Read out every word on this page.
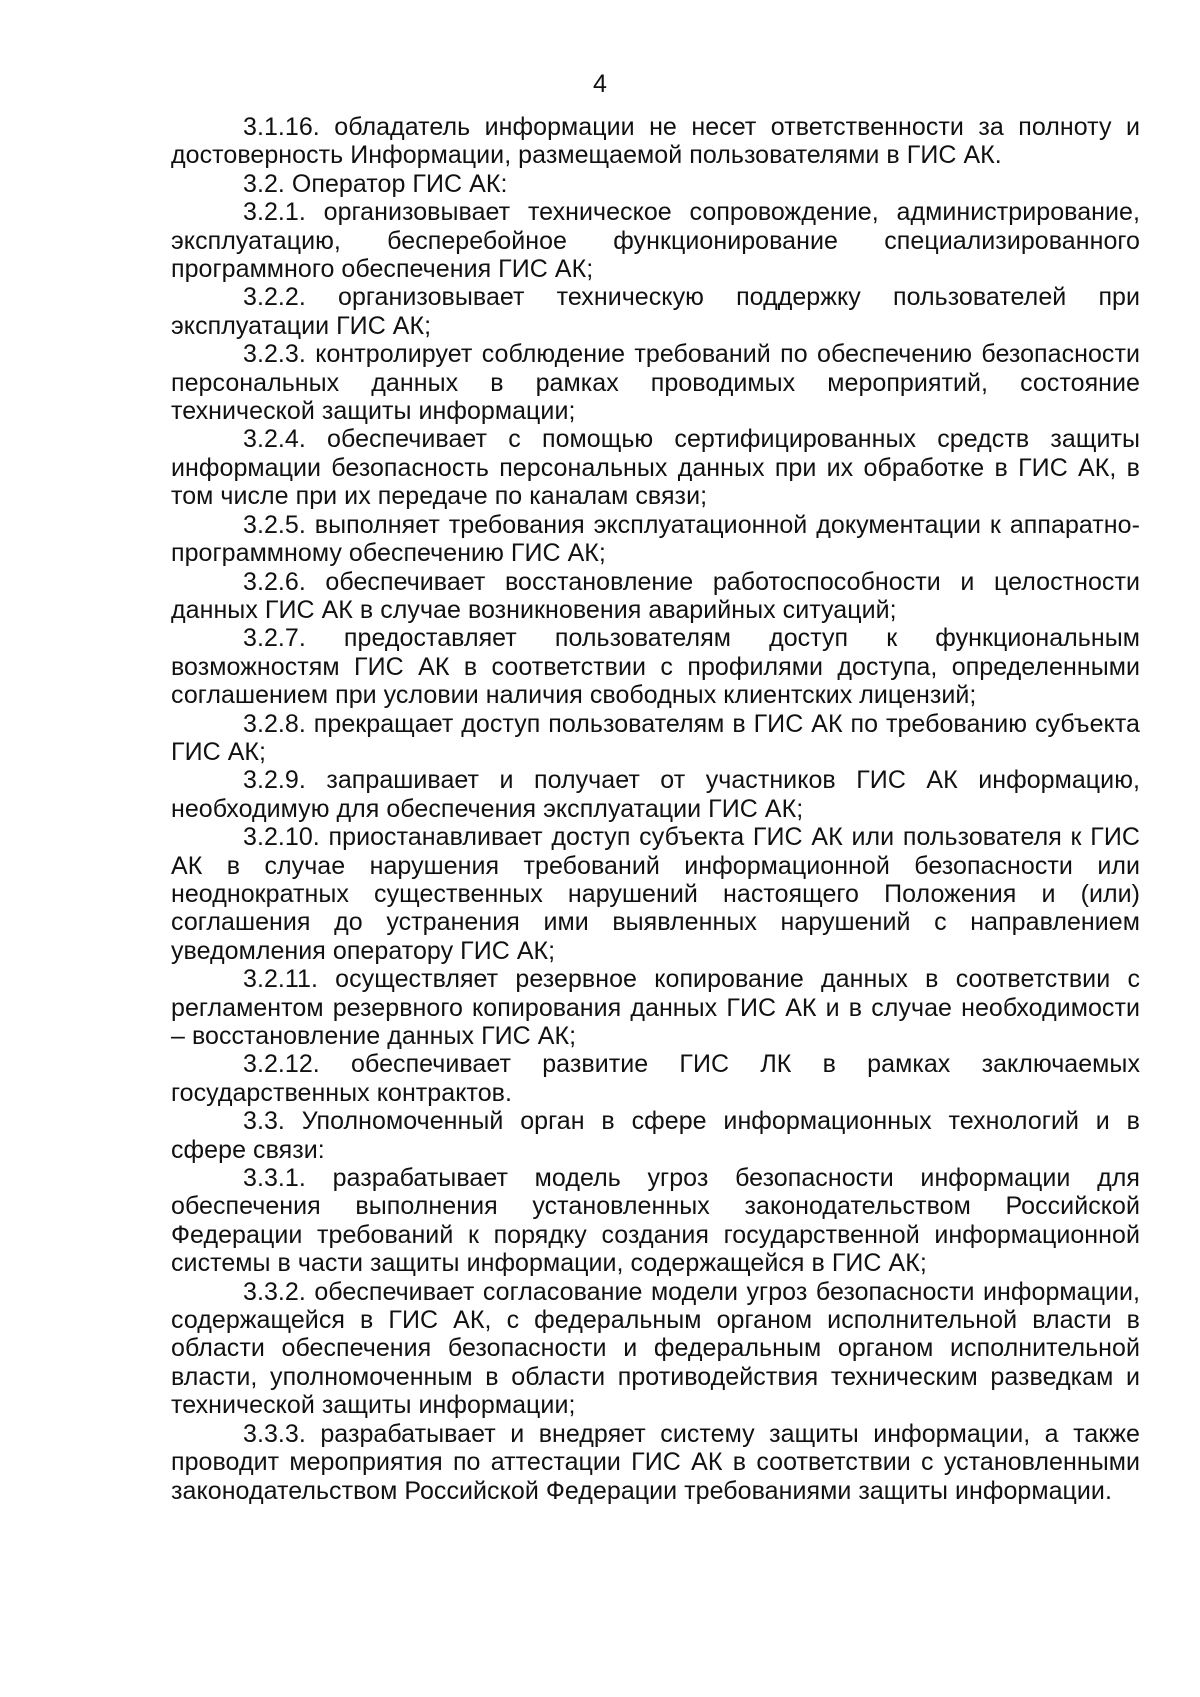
4

3.1.16. обладатель информации не несет ответственности за полноту и достоверность Информации, размещаемой пользователями в ГИС АК.

3.2. Оператор ГИС АК:

3.2.1. организовывает техническое сопровождение, администрирование, эксплуатацию, бесперебойное функционирование специализированного программного обеспечения ГИС АК;

3.2.2. организовывает техническую поддержку пользователей при эксплуатации ГИС АК;

3.2.3. контролирует соблюдение требований по обеспечению безопасности персональных данных в рамках проводимых мероприятий, состояние технической защиты информации;

3.2.4. обеспечивает с помощью сертифицированных средств защиты информации безопасность персональных данных при их обработке в ГИС АК, в том числе при их передаче по каналам связи;

3.2.5. выполняет требования эксплуатационной документации к аппаратно-программному обеспечению ГИС АК;

3.2.6. обеспечивает восстановление работоспособности и целостности данных ГИС АК в случае возникновения аварийных ситуаций;

3.2.7. предоставляет пользователям доступ к функциональным возможностям ГИС АК в соответствии с профилями доступа, определенными соглашением при условии наличия свободных клиентских лицензий;

3.2.8. прекращает доступ пользователям в ГИС АК по требованию субъекта ГИС АК;

3.2.9. запрашивает и получает от участников ГИС АК информацию, необходимую для обеспечения эксплуатации ГИС АК;

3.2.10. приостанавливает доступ субъекта ГИС АК или пользователя к ГИС АК в случае нарушения требований информационной безопасности или неоднократных существенных нарушений настоящего Положения и (или) соглашения до устранения ими выявленных нарушений с направлением уведомления оператору ГИС АК;

3.2.11. осуществляет резервное копирование данных в соответствии с регламентом резервного копирования данных ГИС АК и в случае необходимости – восстановление данных ГИС АК;

3.2.12. обеспечивает развитие ГИС ЛК в рамках заключаемых государственных контрактов.

3.3. Уполномоченный орган в сфере информационных технологий и в сфере связи:

3.3.1. разрабатывает модель угроз безопасности информации для обеспечения выполнения установленных законодательством Российской Федерации требований к порядку создания государственной информационной системы в части защиты информации, содержащейся в ГИС АК;

3.3.2. обеспечивает согласование модели угроз безопасности информации, содержащейся в ГИС АК, с федеральным органом исполнительной власти в области обеспечения безопасности и федеральным органом исполнительной власти, уполномоченным в области противодействия техническим разведкам и технической защиты информации;

3.3.3. разрабатывает и внедряет систему защиты информации, а также проводит мероприятия по аттестации ГИС АК в соответствии с установленными законодательством Российской Федерации требованиями защиты информации.
